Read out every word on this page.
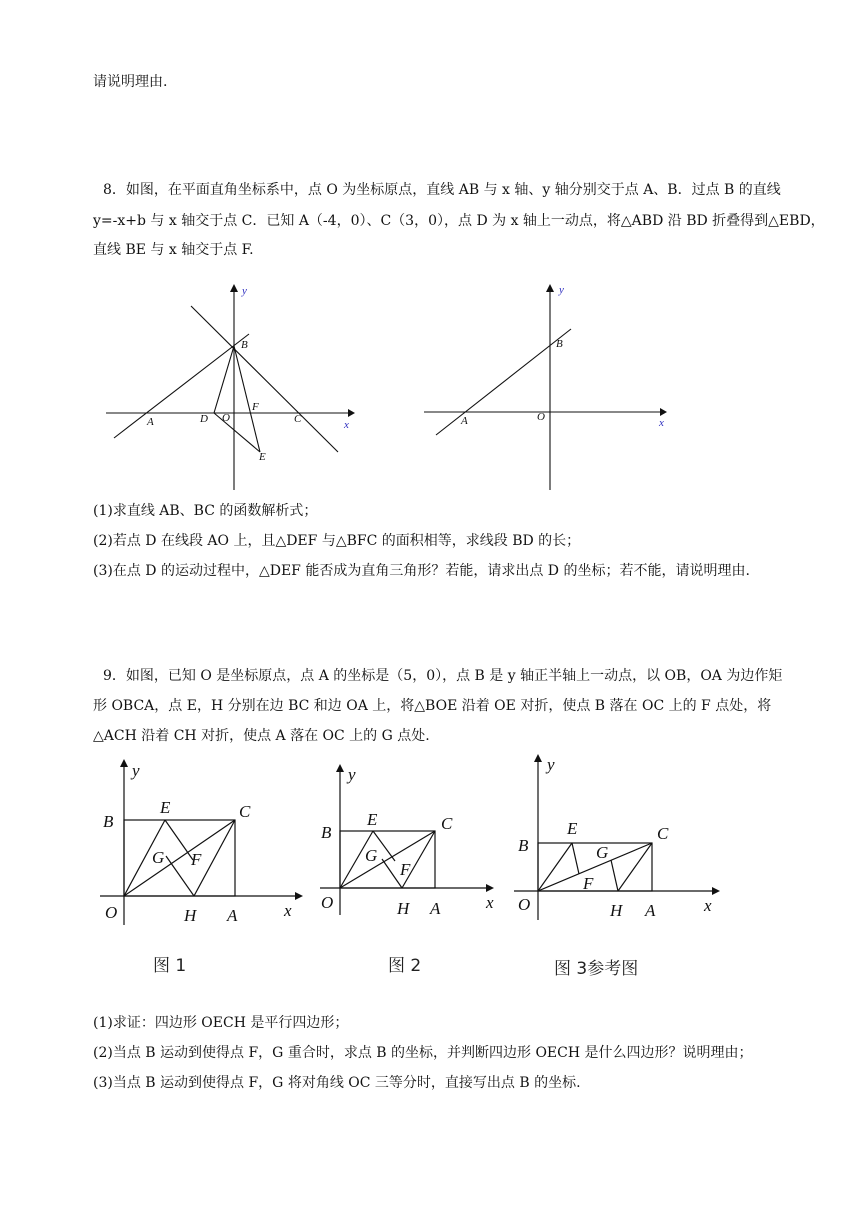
请说明理由.
8．如图，在平面直角坐标系中，点 O 为坐标原点，直线 AB 与 x 轴、y 轴分别交于点 A、B．过点 B 的直线
y=-x+b 与 x 轴交于点 C．已知 A（-4，0）、C（3，0），点 D 为 x 轴上一动点，将△ABD 沿 BD 折叠得到△EBD，
直线 BE 与 x 轴交于点 F.
A
B
C
D
E
F
O
x
y
A
B
O	x
y
(1)求直线 AB、BC 的函数解析式；
(2)若点 D 在线段 AO 上，且△DEF 与△BFC 的面积相等，求线段 BD 的长；
(3)在点 D 的运动过程中，△DEF 能否成为直角三角形？若能，请求出点 D 的坐标；若不能，请说明理由.
9．如图，已知 O 是坐标原点，点 A 的坐标是（5，0），点 B 是 y 轴正半轴上一动点，以 OB，OA 为边作矩
形 OBCA，点 E，H 分别在边 BC 和边 OA 上，将△BOE 沿着 OE 对折，使点 B 落在 OC 上的 F 点处，将
△ACH 沿着 CH 对折，使点 A 落在 OC 上的 G 点处.
B
E	C
G F
O	H A	x
y
图 1
B
E	C
G
F
O	H A	x
y
图 2
B
E	C
G
F
O	H A	x
y
图 3参考图
(1)求证：四边形 OECH 是平行四边形；
(2)当点 B 运动到使得点 F，G 重合时，求点 B 的坐标，并判断四边形 OECH 是什么四边形？说明理由；
(3)当点 B 运动到使得点 F，G 将对角线 OC 三等分时，直接写出点 B 的坐标.
